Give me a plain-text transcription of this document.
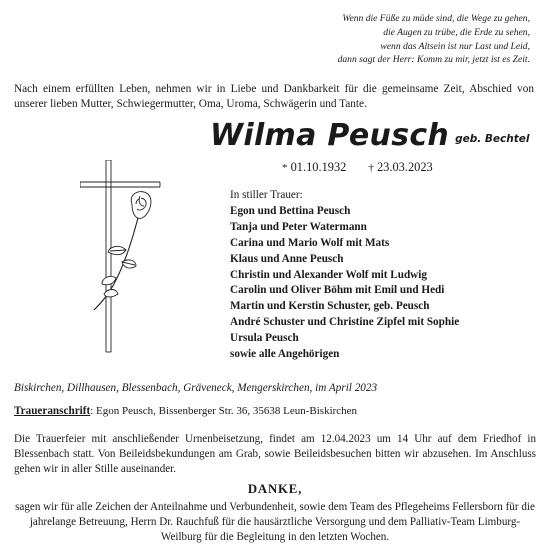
Wenn die Füße zu müde sind, die Wege zu gehen,
die Augen zu trübe, die Erde zu sehen,
wenn das Altsein ist nur Last und Leid,
dann sagt der Herr: Komm zu mir, jetzt ist es Zeit.
Nach einem erfüllten Leben, nehmen wir in Liebe und Dankbarkeit für die gemeinsame Zeit, Abschied von unserer lieben Mutter, Schwiegermutter, Oma, Uroma, Schwägerin und Tante.
Wilma Peusch geb. Bechtel
* 01.10.1932 † 23.03.2023
In stiller Trauer:
Egon und Bettina Peusch
Tanja und Peter Watermann
Carina und Mario Wolf mit Mats
Klaus und Anne Peusch
Christin und Alexander Wolf mit Ludwig
Carolin und Oliver Böhm mit Emil und Hedi
Martin und Kerstin Schuster, geb. Peusch
André Schuster und Christine Zipfel mit Sophie
Ursula Peusch
sowie alle Angehörigen
Biskirchen, Dillhausen, Blessenbach, Gräveneck, Mengerskirchen, im April 2023
Traueranschrift: Egon Peusch, Bissenberger Str. 36, 35638 Leun-Biskirchen
Die Trauerfeier mit anschließender Urnenbeisetzung, findet am 12.04.2023 um 14 Uhr auf dem Friedhof in Blessenbach statt. Von Beileidsbekundungen am Grab, sowie Beileidsbesuchen bitten wir abzusehen. Im Anschluss gehen wir in aller Stille auseinander.
DANKE,
sagen wir für alle Zeichen der Anteilnahme und Verbundenheit, sowie dem Team des Pflegeheims Fellersborn für die jahrelange Betreuung, Herrn Dr. Rauchfuß für die hausärztliche Versorgung und dem Palliativ-Team Limburg-Weilburg für die Begleitung in den letzten Wochen.
